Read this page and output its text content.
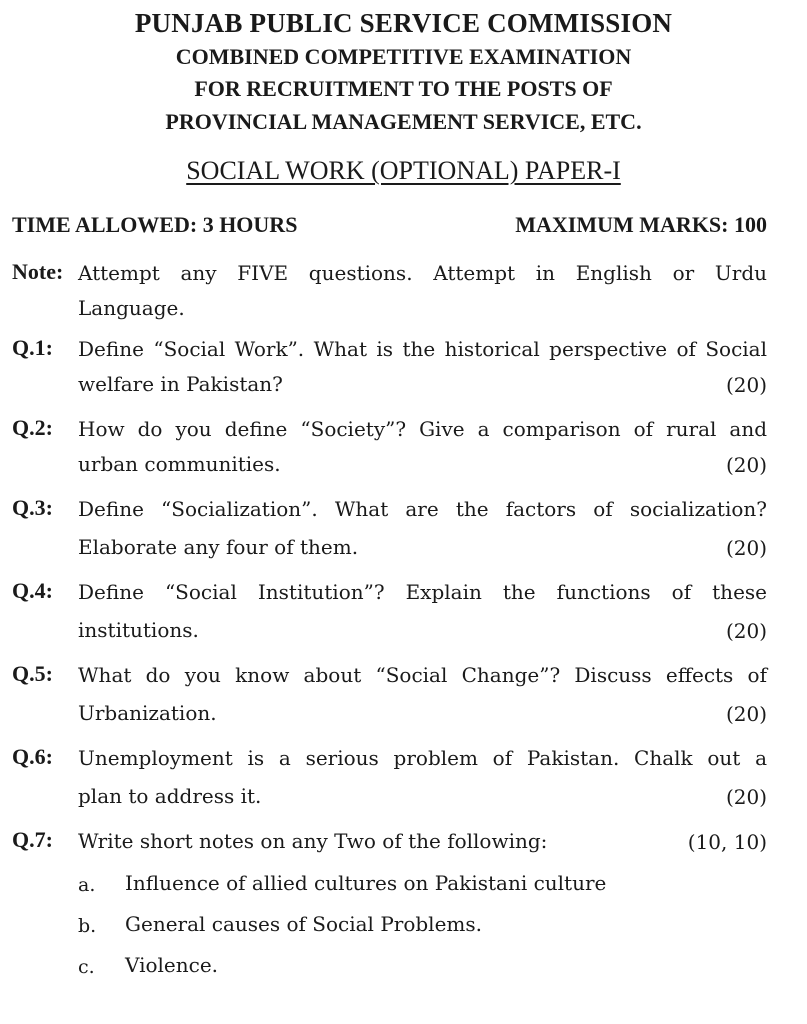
PUNJAB PUBLIC SERVICE COMMISSION
COMBINED COMPETITIVE EXAMINATION
FOR RECRUITMENT TO THE POSTS OF
PROVINCIAL MANAGEMENT SERVICE, ETC.
SOCIAL WORK (OPTIONAL) PAPER-I
TIME ALLOWED: 3 HOURS	MAXIMUM MARKS: 100
Note: Attempt any FIVE questions. Attempt in English or Urdu
Language.
Q.1: Define “Social Work”. What is the historical perspective of Social
welfare in Pakistan?	(20)
Q.2: How do you define “Society”? Give a comparison of rural and
urban communities.	(20)
Q.3: Define “Socialization”. What are the factors of socialization?
Elaborate any four of them.	(20)
Q.4: Define “Social Institution”? Explain the functions of these
institutions.	(20)
Q.5: What do you know about “Social Change”? Discuss effects of
Urbanization.	(20)
Q.6: Unemployment is a serious problem of Pakistan. Chalk out a
plan to address it.	(20)
Q.7: Write short notes on any Two of the following:	(10, 10)
a. Influence of allied cultures on Pakistani culture
b. General causes of Social Problems.
c. Violence.
